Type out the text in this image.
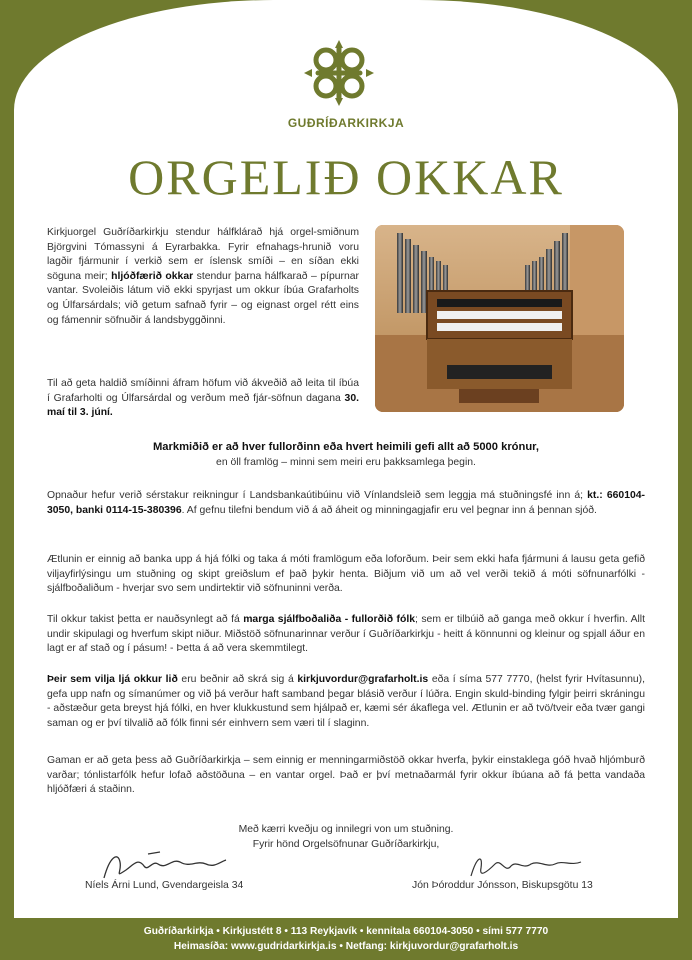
GUÐRÍÐARKIRKJA
ORGELIÐ OKKAR

Kirkjuorgel Guðríðarkirkju stendur hálfklárað hjá orgel-smiðnum Björgvini Tómassyni á Eyrarbakka. Fyrir efnahags-hrunið voru lagðir fjármunir í verkið sem er íslensk smíði – en síðan ekki söguna meir; hljóðfærið okkar stendur þarna hálfkarað – pípurnar vantar. Svoleiðis látum við ekki spyrjast um okkur íbúa Grafarholts og Úlfarsárdals; við getum safnað fyrir – og eignast orgel rétt eins og fámennir söfnuðir á landsbyggðinni.

Til að geta haldið smíðinni áfram höfum við ákveðið að leita til íbúa í Grafarholti og Úlfarsárdal og verðum með fjár-söfnun dagana 30. maí til 3. júní.

Markmiðið er að hver fullorðinn eða hvert heimili gefi allt að 5000 krónur,
en öll framlög – minni sem meiri eru þakksamlega þegin.

Opnaður hefur verið sérstakur reikningur í Landsbankaútibúinu við Vínlandsleið sem leggja má stuðningsfé inn á; kt.: 660104-3050, banki 0114-15-380396. Af gefnu tilefni bendum við á að áheit og minningagjafir eru vel þegnar inn á þennan sjóð.

Ætlunin er einnig að banka upp á hjá fólki og taka á móti framlögum eða loforðum. Þeir sem ekki hafa fjármuni á lausu geta gefið viljayfirlýsingu um stuðning og skipt greiðslum ef það þykir henta. Biðjum við um að vel verði tekið á móti söfnunarfólki - sjálfboðaliðum - hverjar svo sem undirtektir við söfnuninni verða.

Til okkur takist þetta er nauðsynlegt að fá marga sjálfboðaliða - fullorðið fólk; sem er tilbúið að ganga með okkur í hverfin. Allt undir skipulagi og hverfum skipt niður. Miðstöð söfnunarinnar verður í Guðríðarkirkju - heitt á könnunni og kleinur og spjall áður en lagt er af stað og í pásum! - Þetta á að vera skemmtilegt.

Þeir sem vilja ljá okkur lið eru beðnir að skrá sig á kirkjuvordur@grafarholt.is eða í síma 577 7770, (helst fyrir Hvítasunnu), gefa upp nafn og símanúmer og við þá verður haft samband þegar blásið verður í lúðra. Engin skuld-binding fylgir þeirri skráningu - aðstæður geta breyst hjá fólki, en hver klukkustund sem hjálpað er, kæmi sér ákaflega vel. Ætlunin er að tvö/tveir eða tvær gangi saman og er því tilvalið að fólk finni sér einhvern sem væri til í slaginn.

Gaman er að geta þess að Guðríðarkirkja – sem einnig er menningarmiðstöð okkar hverfa, þykir einstaklega góð hvað hljómburð varðar; tónlistarfólk hefur lofað aðstöðuna – en vantar orgel. Það er því metnaðarmál fyrir okkur íbúana að fá þetta vandaða hljóðfæri á staðinn.

Með kærri kveðju og innilegri von um stuðning.
Fyrir hönd Orgelsöfnunar Guðríðarkirkju,
Níels Árni Lund, Gvendargeisla 34	Jón Þóroddur Jónsson, Biskupsgötu 13
Guðríðarkirkja • Kirkjustétt 8 • 113 Reykjavík • kennitala 660104-3050 • sími 577 7770
Heimasíða: www.gudridarkirkja.is • Netfang: kirkjuvordur@grafarholt.is
